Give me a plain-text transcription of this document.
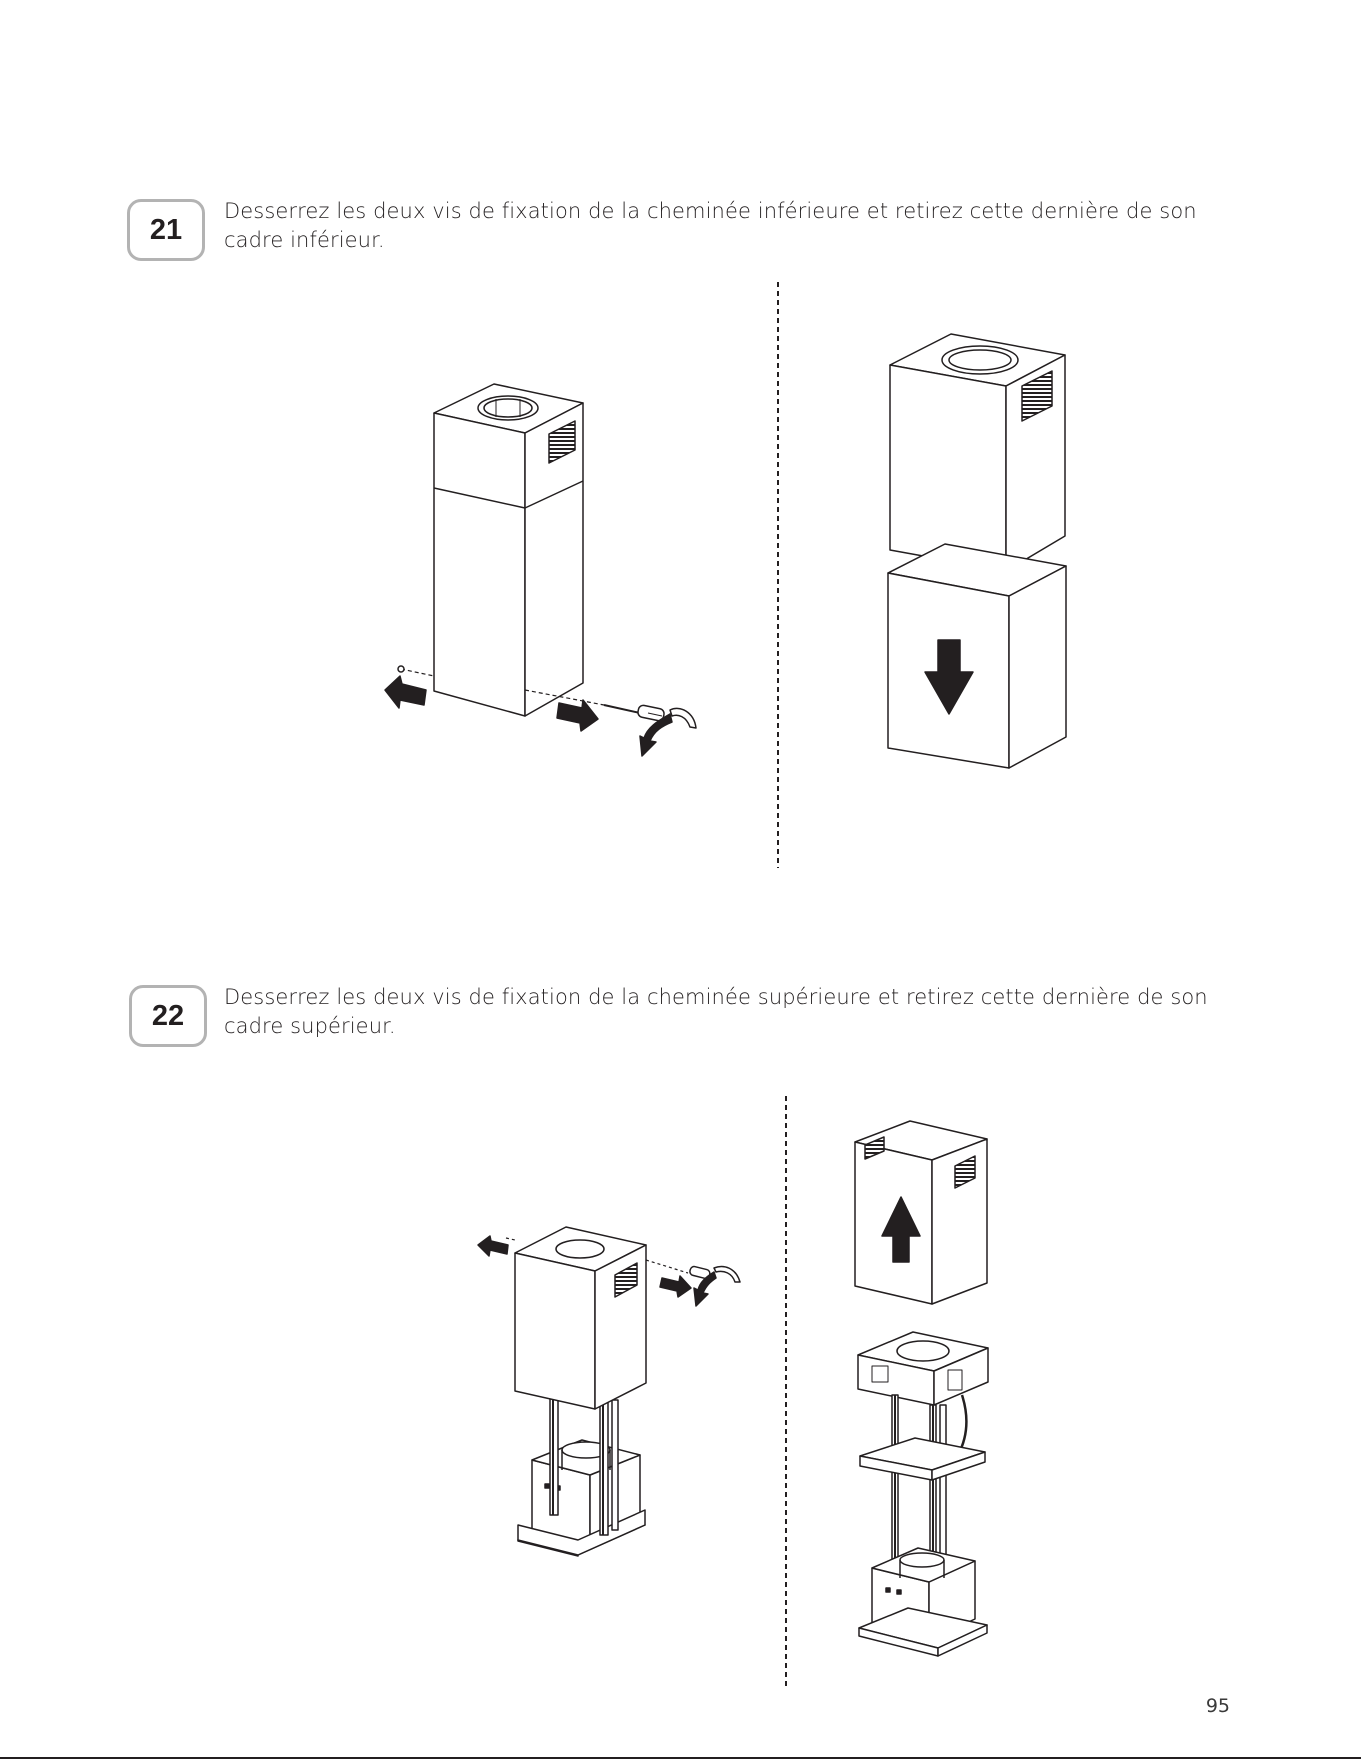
21
Desserrez les deux vis de fixation de la cheminée inférieure et retirez cette dernière de son cadre inférieur.
22
Desserrez les deux vis de fixation de la cheminée supérieure et retirez cette dernière de son cadre supérieur.
95
